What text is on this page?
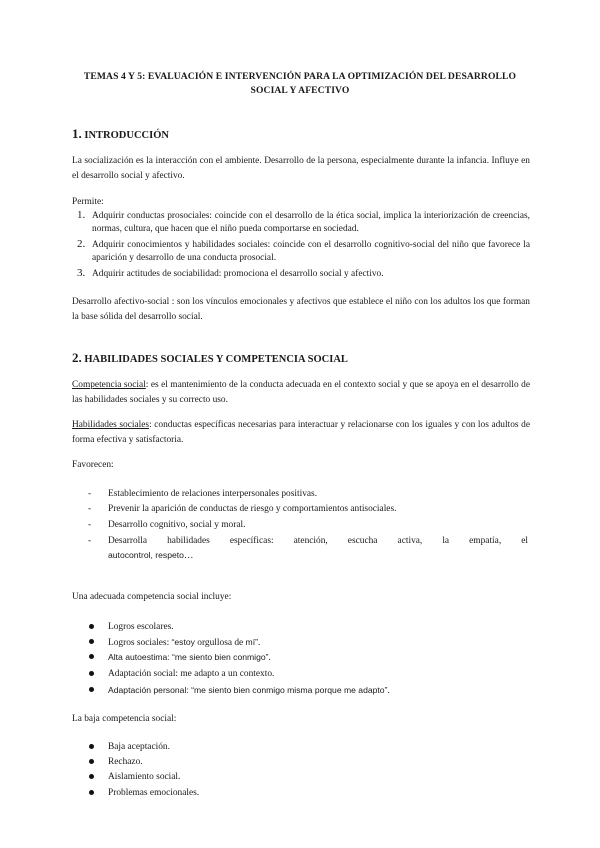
TEMAS 4 Y 5: EVALUACIÓN E INTERVENCIÓN PARA LA OPTIMIZACIÓN DEL DESARROLLO
SOCIAL Y AFECTIVO
1. INTRODUCCIÓN
La socialización es la interacción con el ambiente. Desarrollo de la persona, especialmente durante la infancia. Influye en el desarrollo social y afectivo.
Permite:
1. Adquirir conductas prosociales: coincide con el desarrollo de la ética social, implica la interiorización de creencias, normas, cultura, que hacen que el niño pueda comportarse en sociedad.
2. Adquirir conocimientos y habilidades sociales: coincide con el desarrollo cognitivo-social del niño que favorece la aparición y desarrollo de una conducta prosocial.
3. Adquirir actitudes de sociabilidad: promociona el desarrollo social y afectivo.
Desarrollo afectivo-social : son los vínculos emocionales y afectivos que establece el niño con los adultos los que forman la base sólida del desarrollo social.
2. HABILIDADES SOCIALES Y COMPETENCIA SOCIAL
Competencia social: es el mantenimiento de la conducta adecuada en el contexto social y que se apoya en el desarrollo de las habilidades sociales y su correcto uso.
Habilidades sociales: conductas específicas necesarias para interactuar y relacionarse con los iguales y con los adultos de forma efectiva y satisfactoria.
Favorecen:
- Establecimiento de relaciones interpersonales positivas.
- Prevenir la aparición de conductas de riesgo y comportamientos antisociales.
- Desarrollo cognitivo, social y moral.
- Desarrolla habilidades específicas: atención, escucha activa, la empatía, el
autocontrol, respeto…
Una adecuada competencia social incluye:
Logros escolares.
Logros sociales: “estoy orgullosa de mí”.
Alta autoestima: “me siento bien conmigo”.
Adaptación social: me adapto a un contexto.
Adaptación personal: “me siento bien conmigo misma porque me adapto”.
La baja competencia social:
Baja aceptación.
Rechazo.
Aislamiento social.
Problemas emocionales.
